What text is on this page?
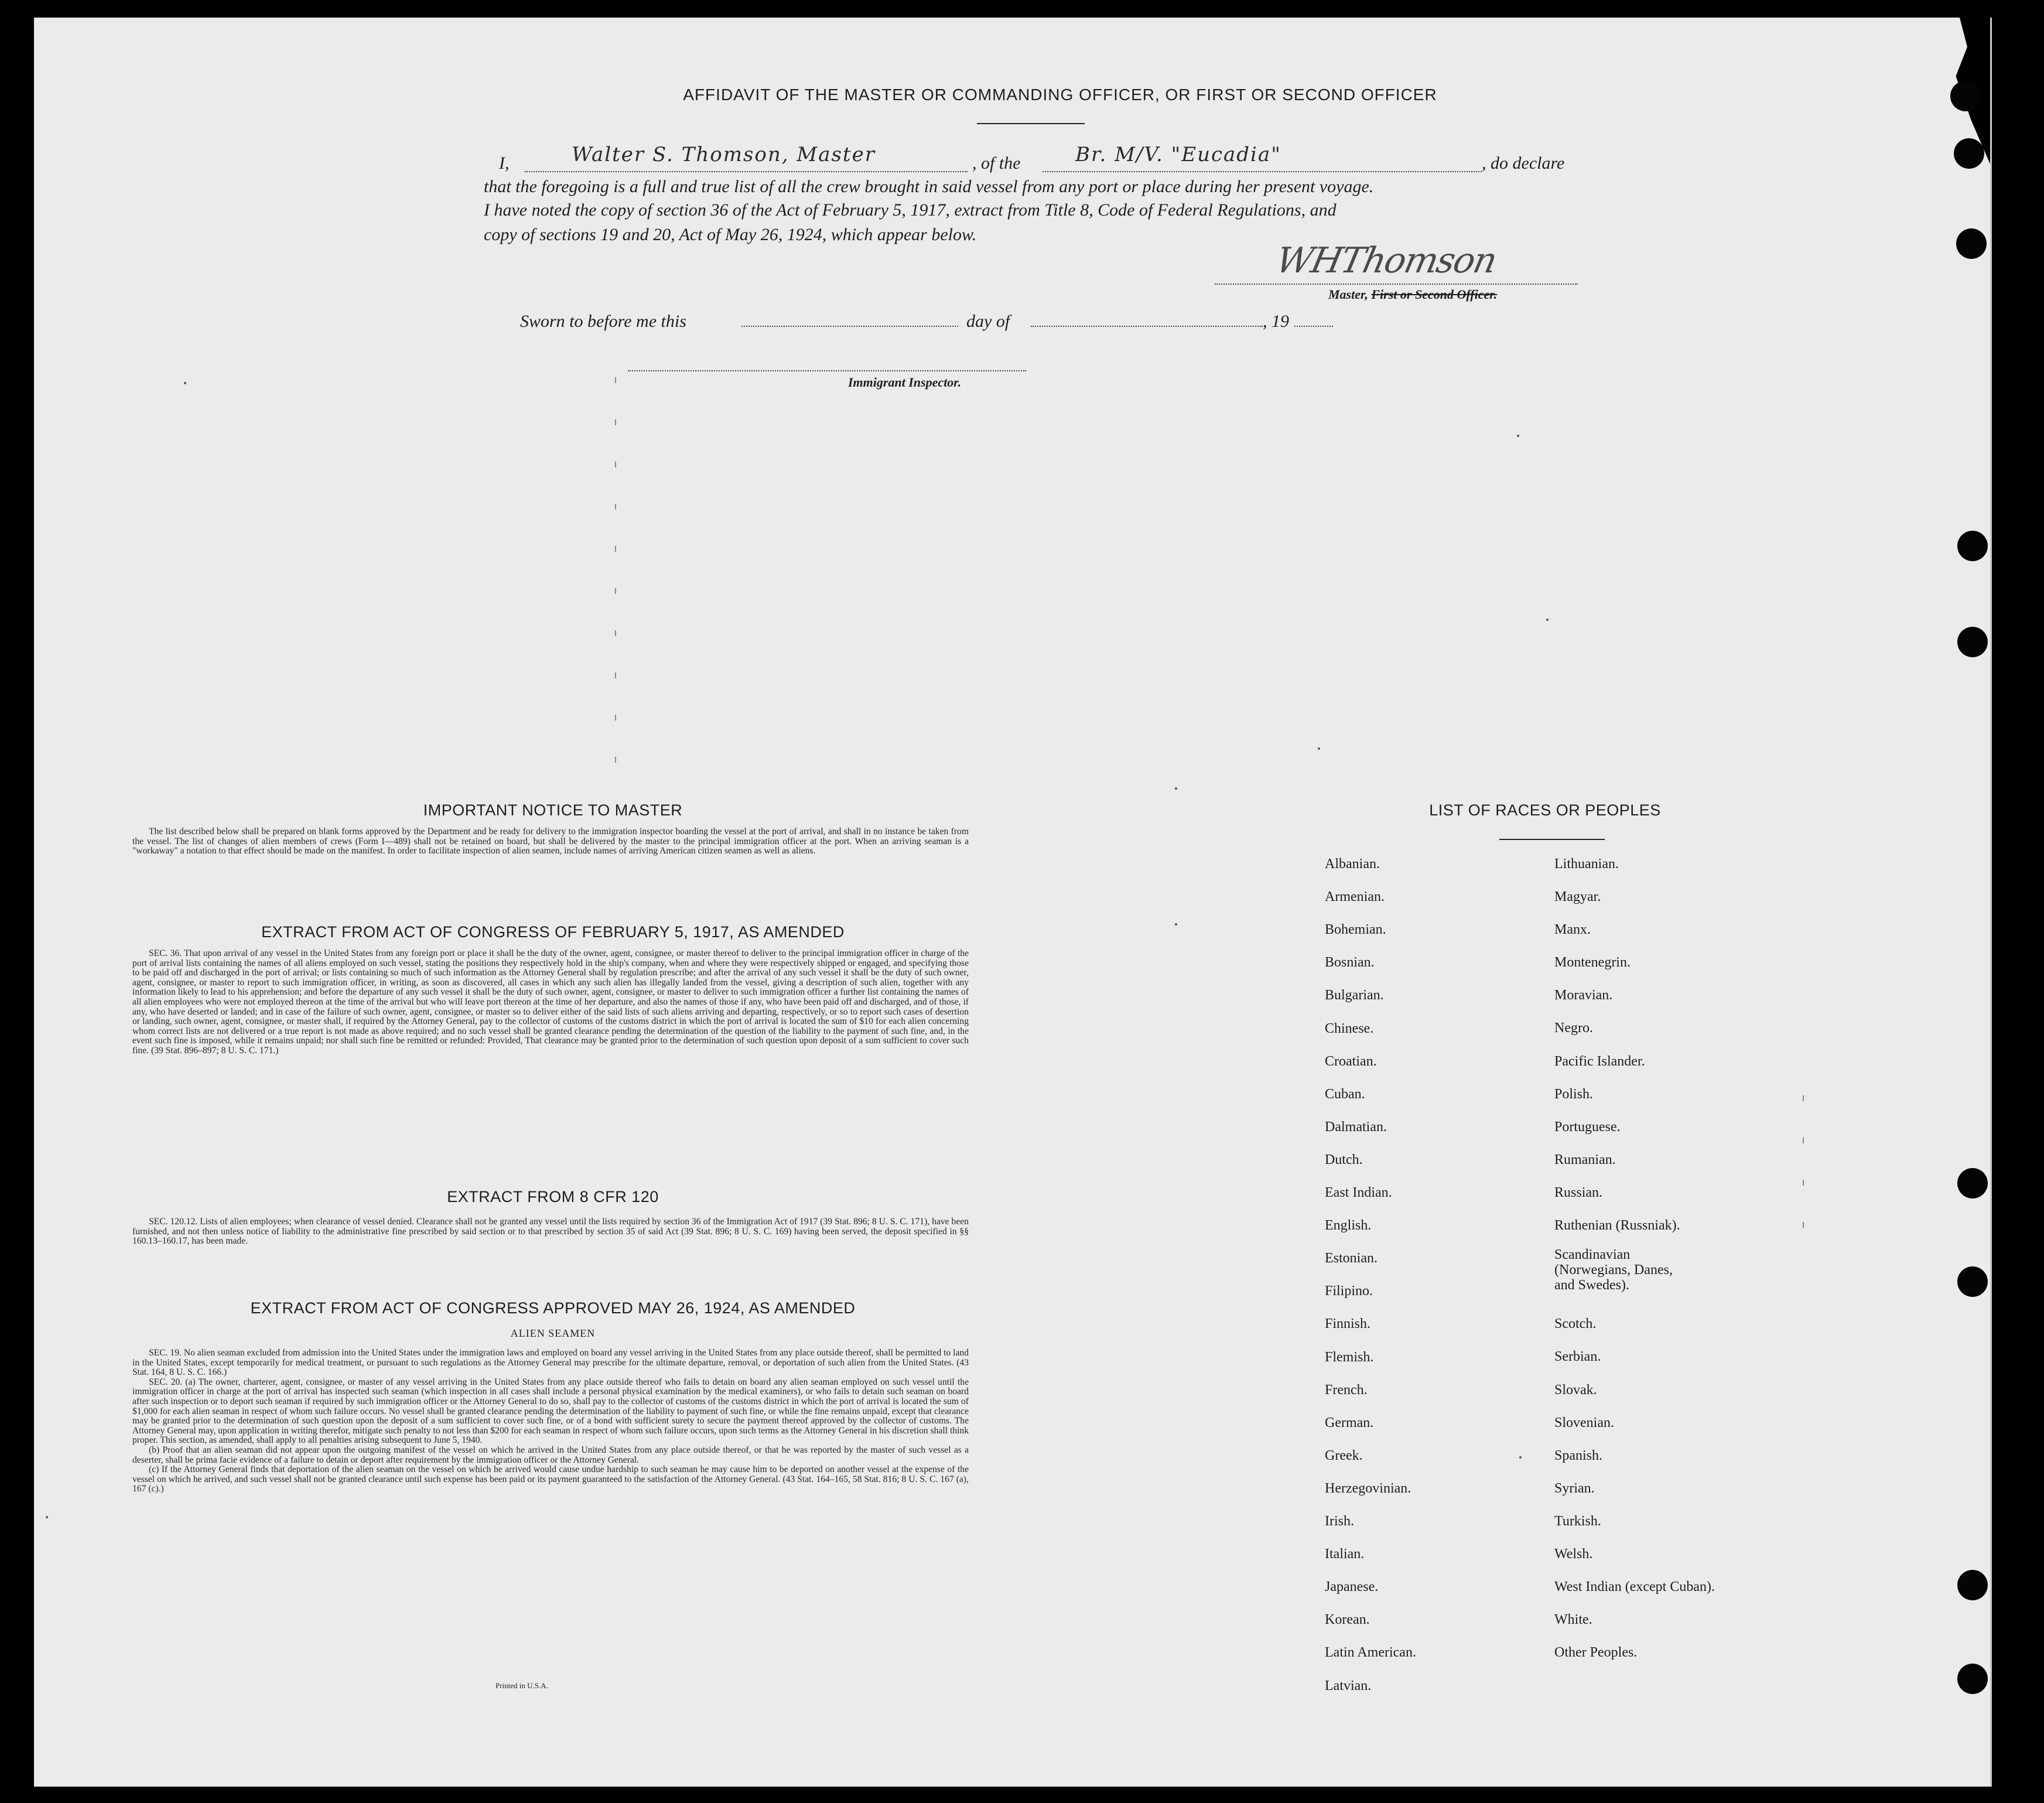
AFFIDAVIT OF THE MASTER OR COMMANDING OFFICER, OR FIRST OR SECOND OFFICER
I,	Walter S. Thomson, Master	, of the	Br. M/V. "Eucadia"	, do declare
that the foregoing is a full and true list of all the crew brought in said vessel from any port or place during her present voyage.
I have noted the copy of section 36 of the Act of February 5, 1917, extract from Title 8, Code of Federal Regulations, and
copy of sections 19 and 20, Act of May 26, 1924, which appear below.
WHThomson
Master, First or Second Officer.
Sworn to before me this	day of	, 19
Immigrant Inspector.
IMPORTANT NOTICE TO MASTER

The list described below shall be prepared on blank forms approved by the Department and be ready for delivery to the immigration inspector boarding the vessel at the port of arrival, and shall in no instance be taken from the vessel. The list of changes of alien members of crews (Form I—489) shall not be retained on board, but shall be delivered by the master to the principal immigration officer at the port. When an arriving seaman is a "workaway" a notation to that effect should be made on the manifest. In order to facilitate inspection of alien seamen, include names of arriving American citizen seamen as well as aliens.

EXTRACT FROM ACT OF CONGRESS OF FEBRUARY 5, 1917, AS AMENDED

SEC. 36. That upon arrival of any vessel in the United States from any foreign port or place it shall be the duty of the owner, agent, consignee, or master thereof to deliver to the principal immigration officer in charge of the port of arrival lists containing the names of all aliens employed on such vessel, stating the positions they respectively hold in the ship's company, when and where they were respectively shipped or engaged, and specifying those to be paid off and discharged in the port of arrival; or lists containing so much of such information as the Attorney General shall by regulation prescribe; and after the arrival of any such vessel it shall be the duty of such owner, agent, consignee, or master to report to such immigration officer, in writing, as soon as discovered, all cases in which any such alien has illegally landed from the vessel, giving a description of such alien, together with any information likely to lead to his apprehension; and before the departure of any such vessel it shall be the duty of such owner, agent, consignee, or master to deliver to such immigration officer a further list containing the names of all alien employees who were not employed thereon at the time of the arrival but who will leave port thereon at the time of her departure, and also the names of those if any, who have been paid off and discharged, and of those, if any, who have deserted or landed; and in case of the failure of such owner, agent, consignee, or master so to deliver either of the said lists of such aliens arriving and departing, respectively, or so to report such cases of desertion or landing, such owner, agent, consignee, or master shall, if required by the Attorney General, pay to the collector of customs of the customs district in which the port of arrival is located the sum of $10 for each alien concerning whom correct lists are not delivered or a true report is not made as above required; and no such vessel shall be granted clearance pending the determination of the question of the liability to the payment of such fine, and, in the event such fine is imposed, while it remains unpaid; nor shall such fine be remitted or refunded: Provided, That clearance may be granted prior to the determination of such question upon deposit of a sum sufficient to cover such fine. (39 Stat. 896–897; 8 U. S. C. 171.)

EXTRACT FROM 8 CFR 120

SEC. 120.12. Lists of alien employees; when clearance of vessel denied. Clearance shall not be granted any vessel until the lists required by section 36 of the Immigration Act of 1917 (39 Stat. 896; 8 U. S. C. 171), have been furnished, and not then unless notice of liability to the administrative fine prescribed by said section or to that prescribed by section 35 of said Act (39 Stat. 896; 8 U. S. C. 169) having been served, the deposit specified in §§ 160.13–160.17, has been made.

EXTRACT FROM ACT OF CONGRESS APPROVED MAY 26, 1924, AS AMENDED
ALIEN SEAMEN

SEC. 19. No alien seaman excluded from admission into the United States under the immigration laws and employed on board any vessel arriving in the United States from any place outside thereof, shall be permitted to land in the United States, except temporarily for medical treatment, or pursuant to such regulations as the Attorney General may prescribe for the ultimate departure, removal, or deportation of such alien from the United States. (43 Stat. 164, 8 U. S. C. 166.)

SEC. 20. (a) The owner, charterer, agent, consignee, or master of any vessel arriving in the United States from any place outside thereof who fails to detain on board any alien seaman employed on such vessel until the immigration officer in charge at the port of arrival has inspected such seaman (which inspection in all cases shall include a personal physical examination by the medical examiners), or who fails to detain such seaman on board after such inspection or to deport such seaman if required by such immigration officer or the Attorney General to do so, shall pay to the collector of customs of the customs district in which the port of arrival is located the sum of $1,000 for each alien seaman in respect of whom such failure occurs. No vessel shall be granted clearance pending the determination of the liability to payment of such fine, or while the fine remains unpaid, except that clearance may be granted prior to the determination of such question upon the deposit of a sum sufficient to cover such fine, or of a bond with sufficient surety to secure the payment thereof approved by the collector of customs. The Attorney General may, upon application in writing therefor, mitigate such penalty to not less than $200 for each seaman in respect of whom such failure occurs, upon such terms as the Attorney General in his discretion shall think proper. This section, as amended, shall apply to all penalties arising subsequent to June 5, 1940.

(b) Proof that an alien seaman did not appear upon the outgoing manifest of the vessel on which he arrived in the United States from any place outside thereof, or that he was reported by the master of such vessel as a deserter, shall be prima facie evidence of a failure to detain or deport after requirement by the immigration officer or the Attorney General.

(c) If the Attorney General finds that deportation of the alien seaman on the vessel on which he arrived would cause undue hardship to such seaman he may cause him to be deported on another vessel at the expense of the vessel on which he arrived, and such vessel shall not be granted clearance until such expense has been paid or its payment guaranteed to the satisfaction of the Attorney General. (43 Stat. 164–165, 58 Stat. 816; 8 U. S. C. 167 (a), 167 (c).)

Printed in U.S.A.
LIST OF RACES OR PEOPLES
Albanian.
Armenian.
Bohemian.
Bosnian.
Bulgarian.
Chinese.
Croatian.
Cuban.
Dalmatian.
Dutch.
East Indian.
English.
Estonian.
Filipino.
Finnish.
Flemish.
French.
German.
Greek.
Herzegovinian.
Irish.
Italian.
Japanese.
Korean.
Latin American.
Latvian.
Lithuanian.
Magyar.
Manx.
Montenegrin.
Moravian.
Negro.
Pacific Islander.
Polish.
Portuguese.
Rumanian.
Russian.
Ruthenian (Russniak).
Scandinavian (Norwegians, Danes, and Swedes).
Scotch.
Serbian.
Slovak.
Slovenian.
Spanish.
Syrian.
Turkish.
Welsh.
West Indian (except Cuban).
White.
Other Peoples.
